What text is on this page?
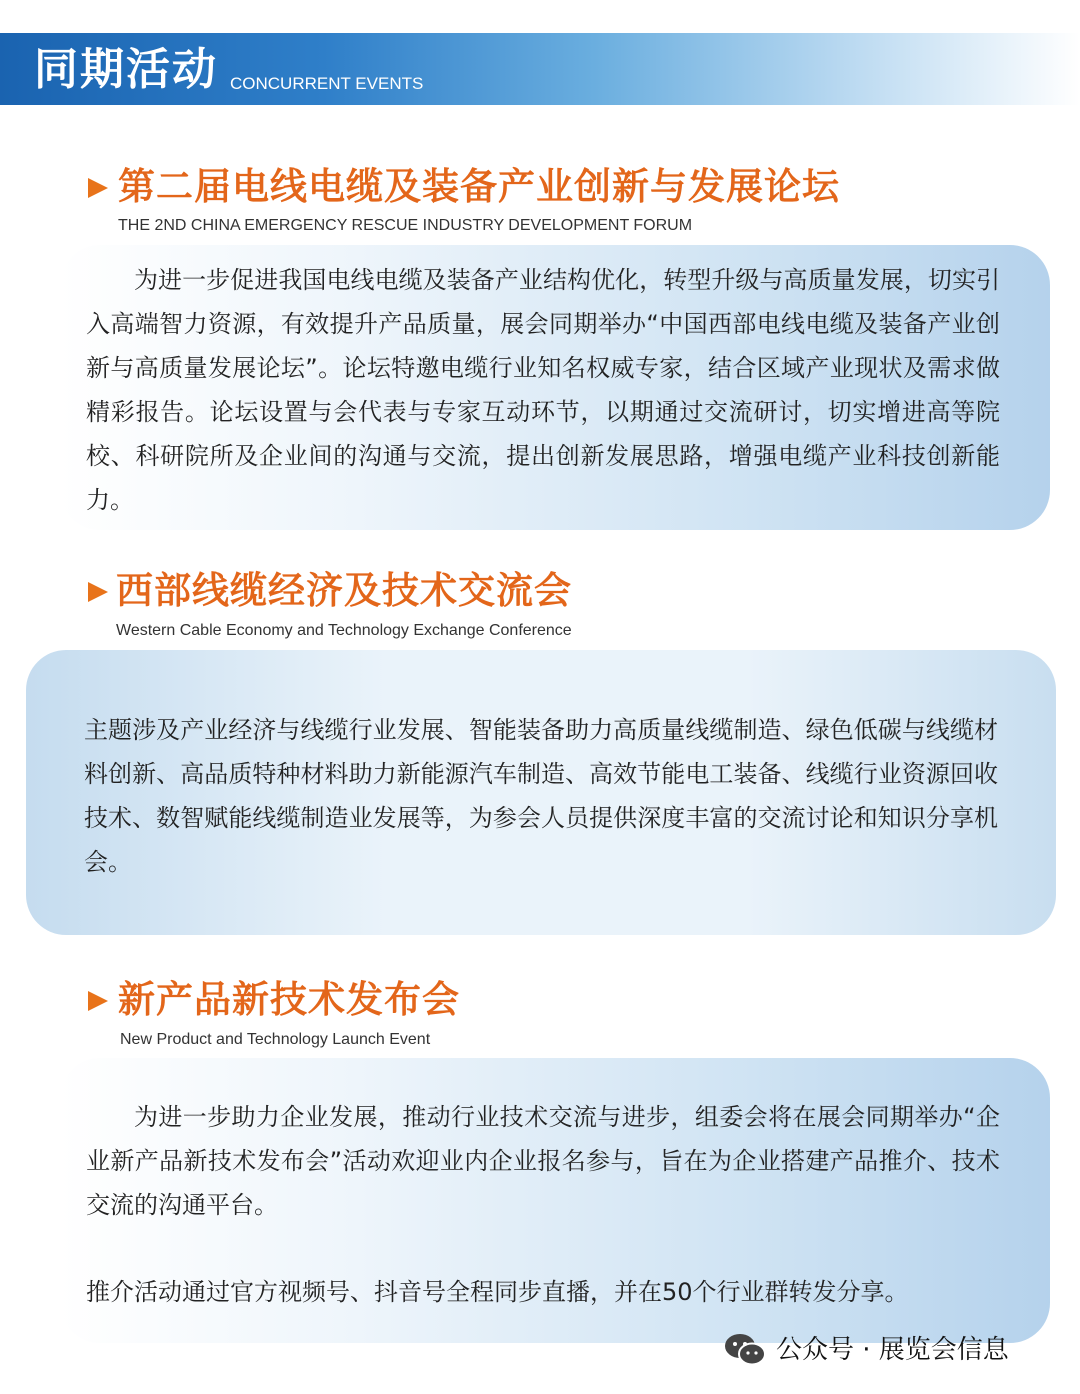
同期活动 CONCURRENT EVENTS
第二届电线电缆及装备产业创新与发展论坛
THE 2ND CHINA EMERGENCY RESCUE INDUSTRY DEVELOPMENT FORUM
为进一步促进我国电线电缆及装备产业结构优化，转型升级与高质量发展，切实引入高端智力资源，有效提升产品质量，展会同期举办“中国西部电线电缆及装备产业创新与高质量发展论坛”。论坛特邀电缆行业知名权威专家，结合区域产业现状及需求做精彩报告。论坛设置与会代表与专家互动环节，以期通过交流研讨，切实增进高等院校、科研院所及企业间的沟通与交流，提出创新发展思路，增强电缆产业科技创新能力。
西部线缆经济及技术交流会
Western Cable Economy and Technology Exchange Conference
主题涉及产业经济与线缆行业发展、智能装备助力高质量线缆制造、绿色低碳与线缆材料创新、高品质特种材料助力新能源汽车制造、高效节能电工装备、线缆行业资源回收技术、数智赋能线缆制造业发展等，为参会人员提供深度丰富的交流讨论和知识分享机会。
新产品新技术发布会
New Product and Technology Launch Event
为进一步助力企业发展，推动行业技术交流与进步，组委会将在展会同期举办“企业新产品新技术发布会”活动欢迎业内企业报名参与，旨在为企业搭建产品推介、技术交流的沟通平台。
推介活动通过官方视频号、抖音号全程同步直播，并在50个行业群转发分享。
公众号 · 展览会信息
